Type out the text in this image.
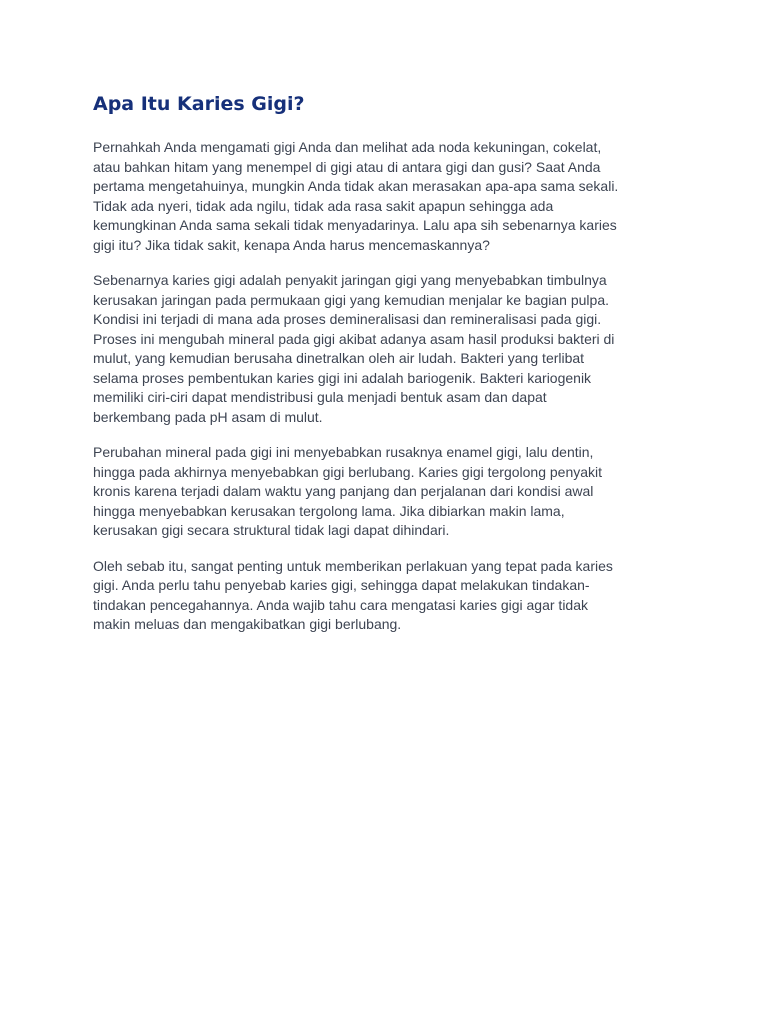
Apa Itu Karies Gigi?

Pernahkah Anda mengamati gigi Anda dan melihat ada noda kekuningan, cokelat,
atau bahkan hitam yang menempel di gigi atau di antara gigi dan gusi? Saat Anda
pertama mengetahuinya, mungkin Anda tidak akan merasakan apa-apa sama sekali.
Tidak ada nyeri, tidak ada ngilu, tidak ada rasa sakit apapun sehingga ada
kemungkinan Anda sama sekali tidak menyadarinya. Lalu apa sih sebenarnya karies
gigi itu? Jika tidak sakit, kenapa Anda harus mencemaskannya?

Sebenarnya karies gigi adalah penyakit jaringan gigi yang menyebabkan timbulnya
kerusakan jaringan pada permukaan gigi yang kemudian menjalar ke bagian pulpa.
Kondisi ini terjadi di mana ada proses demineralisasi dan remineralisasi pada gigi.
Proses ini mengubah mineral pada gigi akibat adanya asam hasil produksi bakteri di
mulut, yang kemudian berusaha dinetralkan oleh air ludah. Bakteri yang terlibat
selama proses pembentukan karies gigi ini adalah bariogenik. Bakteri kariogenik
memiliki ciri-ciri dapat mendistribusi gula menjadi bentuk asam dan dapat
berkembang pada pH asam di mulut.

Perubahan mineral pada gigi ini menyebabkan rusaknya enamel gigi, lalu dentin,
hingga pada akhirnya menyebabkan gigi berlubang. Karies gigi tergolong penyakit
kronis karena terjadi dalam waktu yang panjang dan perjalanan dari kondisi awal
hingga menyebabkan kerusakan tergolong lama. Jika dibiarkan makin lama,
kerusakan gigi secara struktural tidak lagi dapat dihindari.

Oleh sebab itu, sangat penting untuk memberikan perlakuan yang tepat pada karies
gigi. Anda perlu tahu penyebab karies gigi, sehingga dapat melakukan tindakan-
tindakan pencegahannya. Anda wajib tahu cara mengatasi karies gigi agar tidak
makin meluas dan mengakibatkan gigi berlubang.
